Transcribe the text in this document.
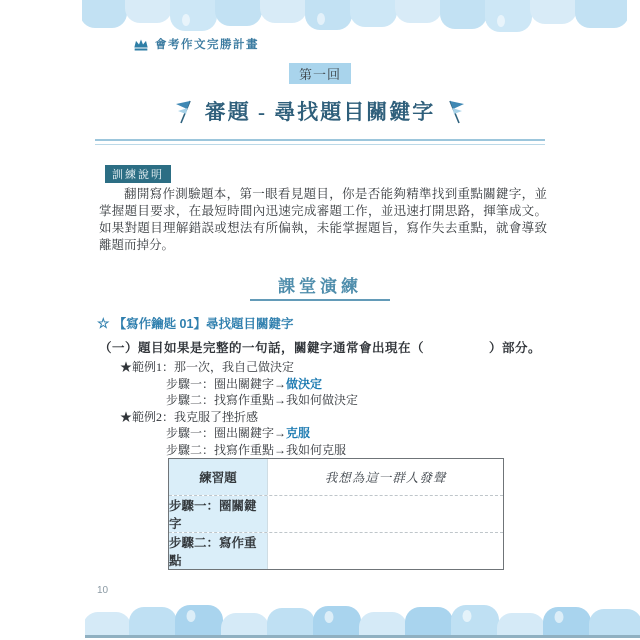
會考作文完勝計畫
第一回
審題 - 尋找題目關鍵字
訓練說明

翻開寫作測驗題本，第一眼看見題目，你是否能夠精準找到重點關鍵字，並掌握題目要求，在最短時間內迅速完成審題工作，並迅速打開思路，揮筆成文。如果對題目理解錯誤或想法有所偏執，未能掌握題旨，寫作失去重點，就會導致離題而掉分。

課堂演練
☆ 【寫作鑰匙 01】尋找題目關鍵字

（一）題目如果是完整的一句話，關鍵字通常會出現在（　　　　　）部分。

★範例1：那一次，我自己做決定
步驟一：圈出關鍵字→做決定
步驟二：找寫作重點→我如何做決定
★範例2：我克服了挫折感
步驟一：圈出關鍵字→克服
步驟二：找寫作重點→我如何克服
練習題	我想為這一群人發聲
步驟一：圈關鍵字
步驟二：寫作重點
10
